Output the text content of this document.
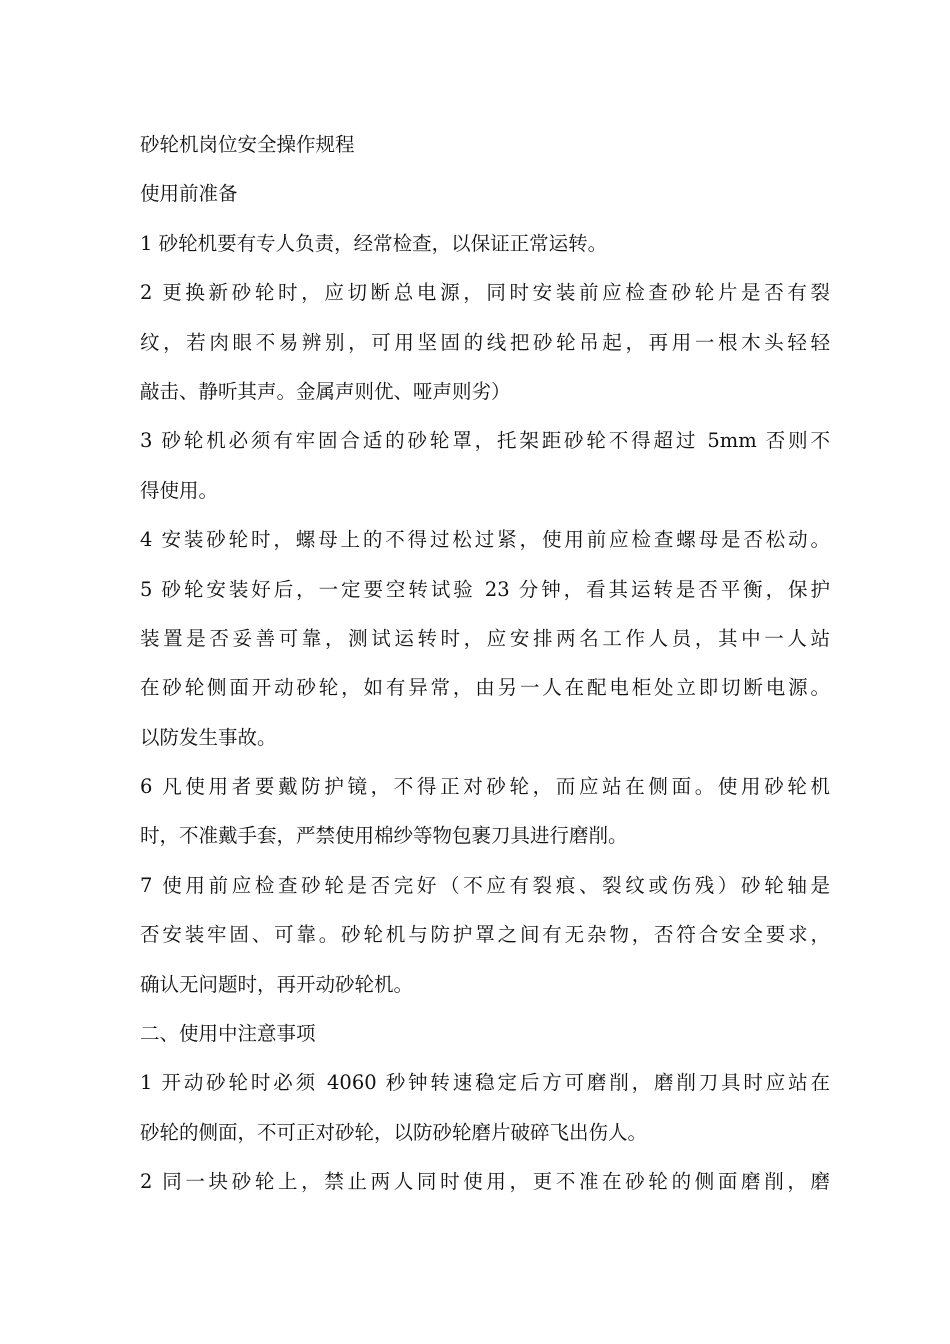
砂轮机岗位安全操作规程
使用前准备
1 砂轮机要有专人负责，经常检查，以保证正常运转。
2 更换新砂轮时，应切断总电源，同时安装前应检查砂轮片是否有裂
纹，若肉眼不易辨别，可用坚固的线把砂轮吊起，再用一根木头轻轻
敲击、静听其声。金属声则优、哑声则劣）
3 砂轮机必须有牢固合适的砂轮罩，托架距砂轮不得超过 5mm 否则不
得使用。
4 安装砂轮时，螺母上的不得过松过紧，使用前应检查螺母是否松动。
5 砂轮安装好后，一定要空转试验 23 分钟，看其运转是否平衡，保护
装置是否妥善可靠，测试运转时，应安排两名工作人员，其中一人站
在砂轮侧面开动砂轮，如有异常，由另一人在配电柜处立即切断电源。
以防发生事故。
6 凡使用者要戴防护镜，不得正对砂轮，而应站在侧面。使用砂轮机
时，不准戴手套，严禁使用棉纱等物包裹刀具进行磨削。
7 使用前应检查砂轮是否完好（不应有裂痕、裂纹或伤残）砂轮轴是
否安装牢固、可靠。砂轮机与防护罩之间有无杂物，否符合安全要求，
确认无问题时，再开动砂轮机。
二、使用中注意事项
1 开动砂轮时必须 4060 秒钟转速稳定后方可磨削，磨削刀具时应站在
砂轮的侧面，不可正对砂轮，以防砂轮磨片破碎飞出伤人。
2 同一块砂轮上，禁止两人同时使用，更不准在砂轮的侧面磨削，磨
